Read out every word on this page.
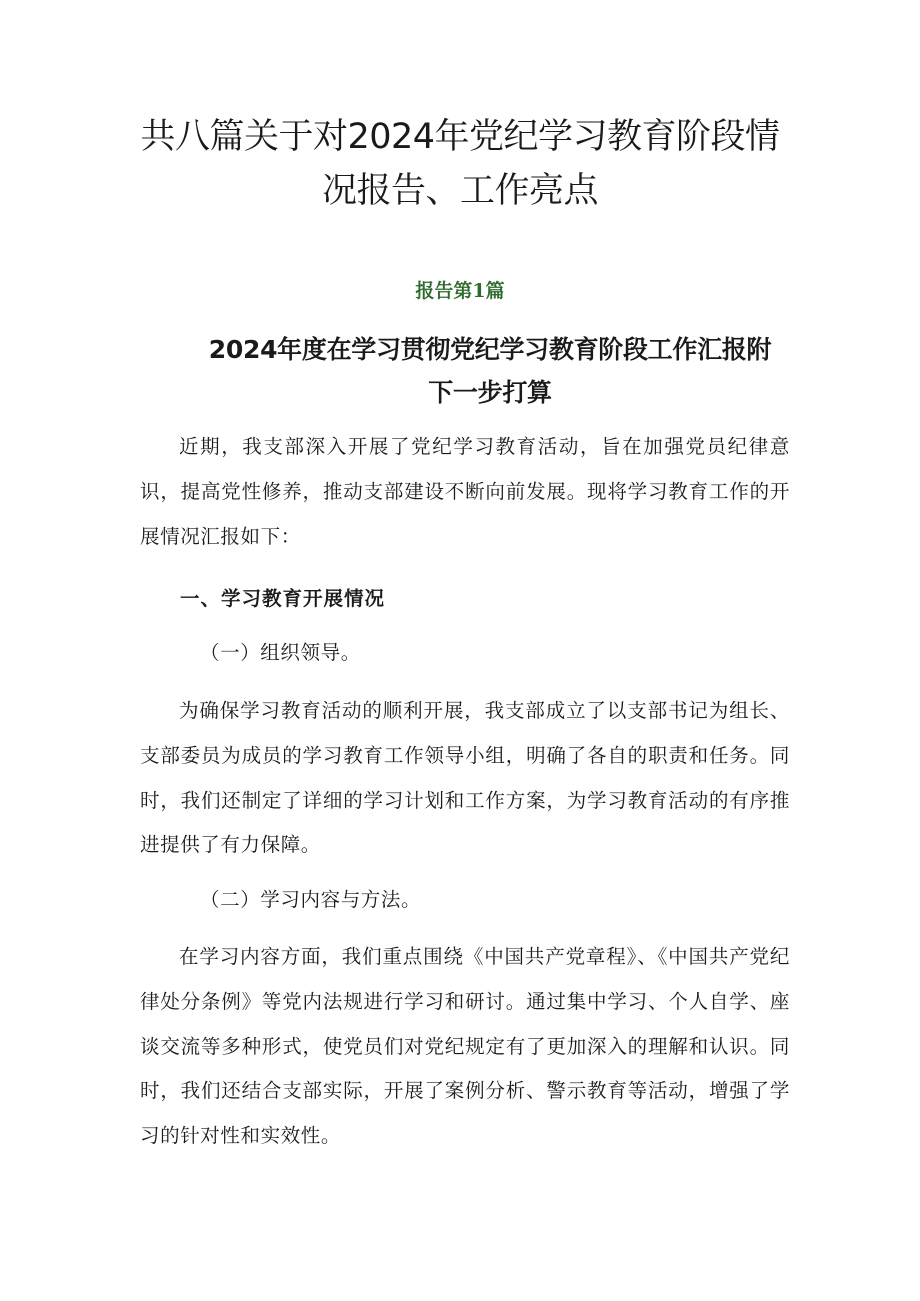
共八篇关于对2024年党纪学习教育阶段情
况报告、工作亮点

报告第1篇

2024年度在学习贯彻党纪学习教育阶段工作汇报附
下一步打算

近期，我支部深入开展了党纪学习教育活动，旨在加强党员纪律意识，提高党性修养，推动支部建设不断向前发展。现将学习教育工作的开展情况汇报如下：

一、学习教育开展情况

（一）组织领导。

为确保学习教育活动的顺利开展，我支部成立了以支部书记为组长、支部委员为成员的学习教育工作领导小组，明确了各自的职责和任务。同时，我们还制定了详细的学习计划和工作方案，为学习教育活动的有序推进提供了有力保障。

（二）学习内容与方法。

在学习内容方面，我们重点围绕《中国共产党章程》、《中国共产党纪律处分条例》等党内法规进行学习和研讨。通过集中学习、个人自学、座谈交流等多种形式，使党员们对党纪规定有了更加深入的理解和认识。同时，我们还结合支部实际，开展了案例分析、警示教育等活动，增强了学习的针对性和实效性。
